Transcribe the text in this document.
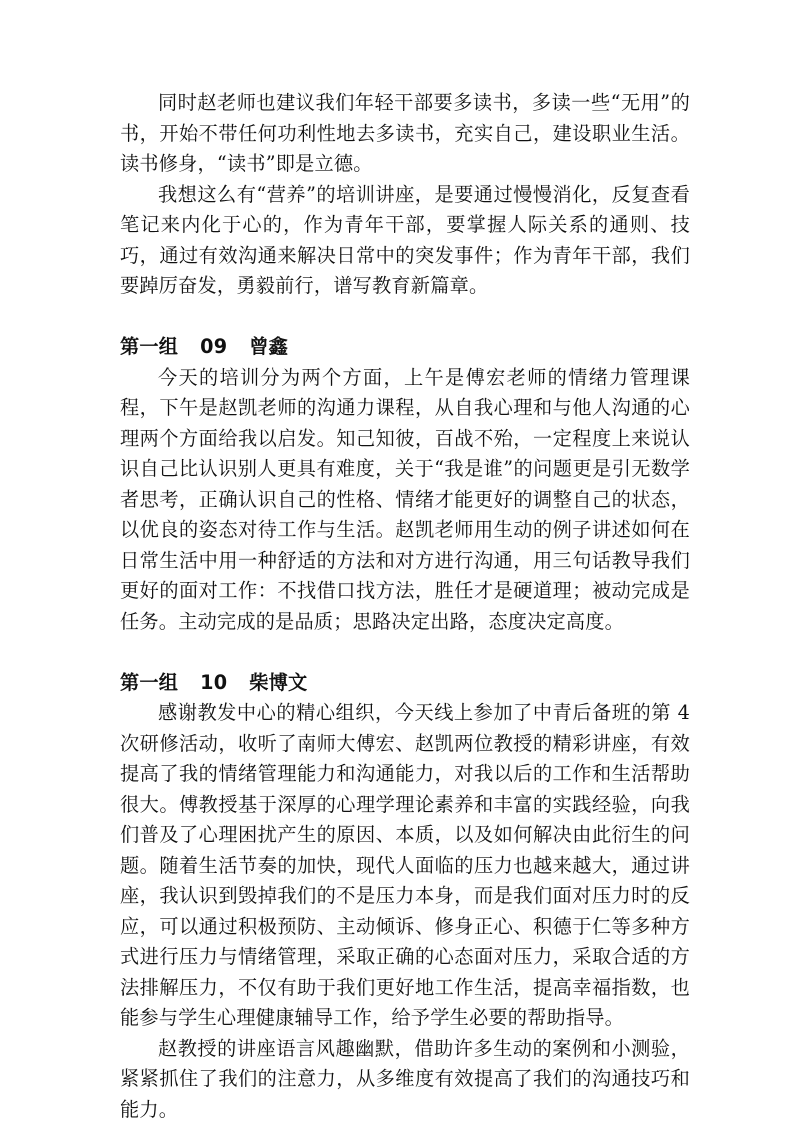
同时赵老师也建议我们年轻干部要多读书，多读一些“无用”的书，开始不带任何功利性地去多读书，充实自己，建设职业生活。读书修身，“读书”即是立德。

我想这么有“营养”的培训讲座，是要通过慢慢消化，反复查看笔记来内化于心的，作为青年干部，要掌握人际关系的通则、技巧，通过有效沟通来解决日常中的突发事件；作为青年干部，我们要踔厉奋发，勇毅前行，谱写教育新篇章。

第一组 09 曾鑫

今天的培训分为两个方面，上午是傅宏老师的情绪力管理课程，下午是赵凯老师的沟通力课程，从自我心理和与他人沟通的心理两个方面给我以启发。知己知彼，百战不殆，一定程度上来说认识自己比认识别人更具有难度，关于“我是谁”的问题更是引无数学者思考，正确认识自己的性格、情绪才能更好的调整自己的状态，以优良的姿态对待工作与生活。赵凯老师用生动的例子讲述如何在日常生活中用一种舒适的方法和对方进行沟通，用三句话教导我们更好的面对工作：不找借口找方法，胜任才是硬道理；被动完成是任务。主动完成的是品质；思路决定出路，态度决定高度。

第一组 10 柴博文

感谢教发中心的精心组织，今天线上参加了中青后备班的第 4 次研修活动，收听了南师大傅宏、赵凯两位教授的精彩讲座，有效提高了我的情绪管理能力和沟通能力，对我以后的工作和生活帮助很大。傅教授基于深厚的心理学理论素养和丰富的实践经验，向我们普及了心理困扰产生的原因、本质，以及如何解决由此衍生的问题。随着生活节奏的加快，现代人面临的压力也越来越大，通过讲座，我认识到毁掉我们的不是压力本身，而是我们面对压力时的反应，可以通过积极预防、主动倾诉、修身正心、积德于仁等多种方式进行压力与情绪管理，采取正确的心态面对压力，采取合适的方法排解压力，不仅有助于我们更好地工作生活，提高幸福指数，也能参与学生心理健康辅导工作，给予学生必要的帮助指导。

赵教授的讲座语言风趣幽默，借助许多生动的案例和小测验，紧紧抓住了我们的注意力，从多维度有效提高了我们的沟通技巧和能力。
